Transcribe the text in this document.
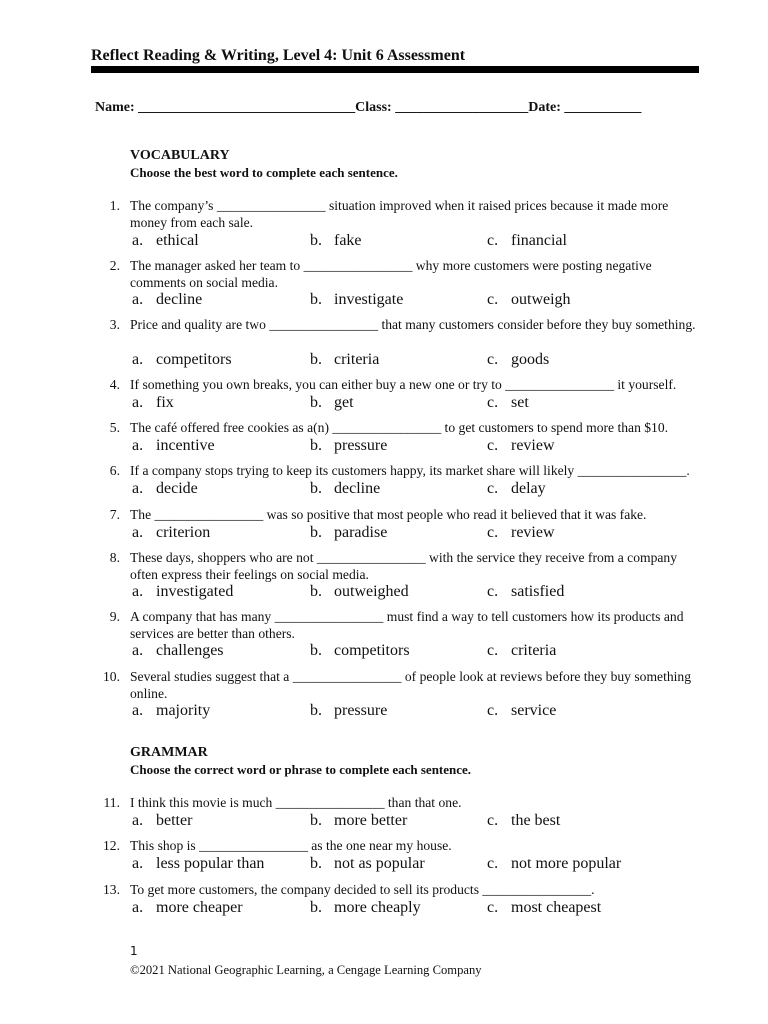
Reflect Reading & Writing, Level 4: Unit 6 Assessment
Name: _______________________________Class: ___________________Date: ___________
VOCABULARY
Choose the best word to complete each sentence.
1. The company’s ________________ situation improved when it raised prices because it made more money from each sale.
a. ethical	b. fake	c. financial
2. The manager asked her team to ________________ why more customers were posting negative comments on social media.
a. decline	b. investigate	c. outweigh
3. Price and quality are two ________________ that many customers consider before they buy something.
a. competitors	b. criteria	c. goods
4. If something you own breaks, you can either buy a new one or try to ________________ it yourself.
a. fix	b. get	c. set
5. The café offered free cookies as a(n) ________________ to get customers to spend more than $10.
a. incentive	b. pressure	c. review
6. If a company stops trying to keep its customers happy, its market share will likely ________________.
a. decide	b. decline	c. delay
7. The ________________ was so positive that most people who read it believed that it was fake.
a. criterion	b. paradise	c. review
8. These days, shoppers who are not ________________ with the service they receive from a company often express their feelings on social media.
a. investigated	b. outweighed	c. satisfied
9. A company that has many ________________ must find a way to tell customers how its products and services are better than others.
a. challenges	b. competitors	c. criteria
10. Several studies suggest that a ________________ of people look at reviews before they buy something online.
a. majority	b. pressure	c. service
GRAMMAR
Choose the correct word or phrase to complete each sentence.
11. I think this movie is much ________________ than that one.
a. better	b. more better	c. the best
12. This shop is ________________ as the one near my house.
a. less popular than	b. not as popular	c. not more popular
13. To get more customers, the company decided to sell its products ________________.
a. more cheaper	b. more cheaply	c. most cheapest
1
©2021 National Geographic Learning, a Cengage Learning Company
